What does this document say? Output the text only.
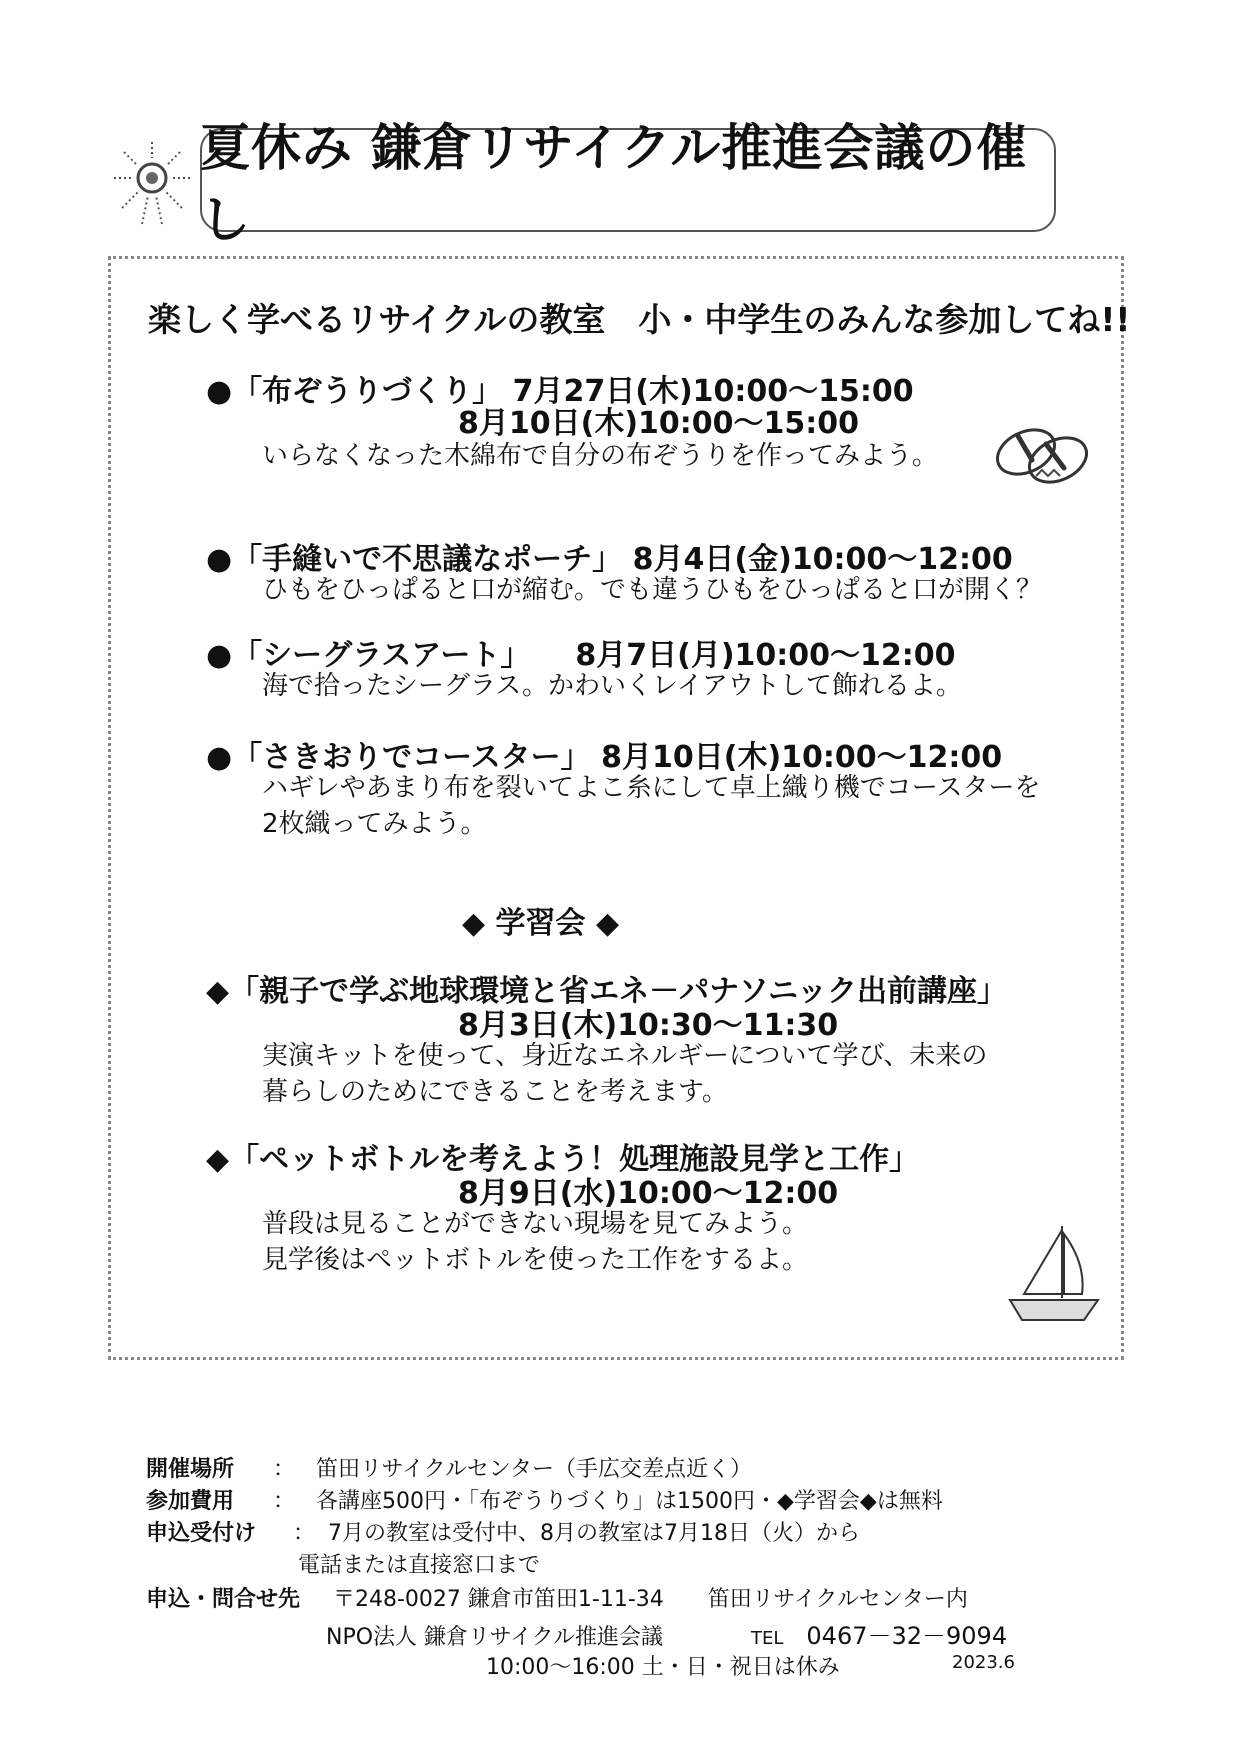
夏休み 鎌倉リサイクル推進会議の催し
楽しく学べるリサイクルの教室　小・中学生のみんな参加してね!!
●「布ぞうりづくり」 7月27日(木)10:00～15:00
8月10日(木)10:00～15:00
いらなくなった木綿布で自分の布ぞうりを作ってみよう。
●「手縫いで不思議なポーチ」 8月4日(金)10:00～12:00
ひもをひっぱると口が縮む。でも違うひもをひっぱると口が開く？
●「シーグラスアート」　　8月7日(月)10:00～12:00
海で拾ったシーグラス。かわいくレイアウトして飾れるよ。
●「さきおりでコースター」 8月10日(木)10:00～12:00
ハギレやあまり布を裂いてよこ糸にして卓上織り機でコースターを
2枚織ってみよう。
◆ 学習会 ◆
◆「親子で学ぶ地球環境と省エネ－パナソニック出前講座」
8月3日(木)10:30～11:30
実演キットを使って、身近なエネルギーについて学び、未来の
暮らしのためにできることを考えます。
◆「ペットボトルを考えよう！処理施設見学と工作」
8月9日(水)10:00～12:00
普段は見ることができない現場を見てみよう。
見学後はペットボトルを使った工作をするよ。
開催場所 ： 笛田リサイクルセンター（手広交差点近く）
参加費用 ： 各講座500円・「布ぞうりづくり」は1500円・◆学習会◆は無料
申込受付け ： 7月の教室は受付中、8月の教室は7月18日（火）から
電話または直接窓口まで
申込・問合せ先 〒248-0027 鎌倉市笛田1-11-34　　笛田リサイクルセンター内
NPO法人 鎌倉リサイクル推進会議	TEL 0467－32－9094
10:00～16:00 土・日・祝日は休み	2023.6
